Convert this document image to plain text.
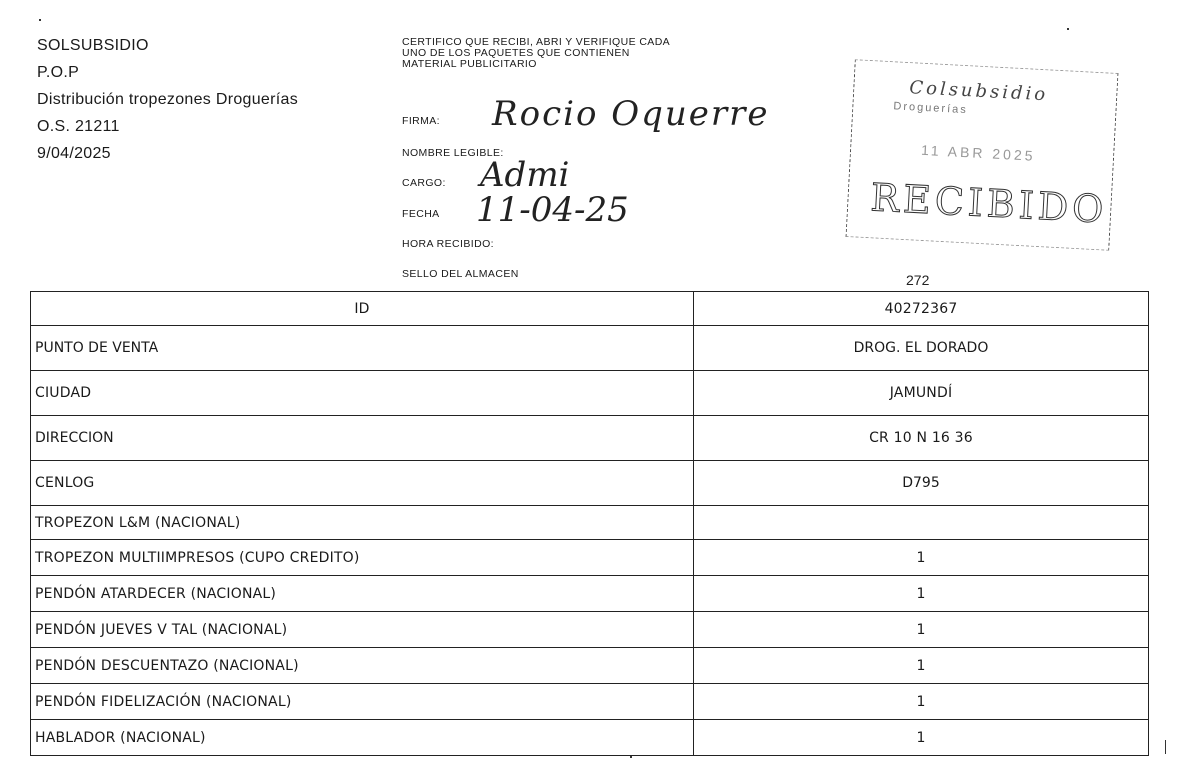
SOLSUBSIDIO
P.O.P
Distribución tropezones Droguerías
O.S. 21211
9/04/2025
CERTIFICO QUE RECIBI, ABRI Y VERIFIQUE CADA UNO DE LOS PAQUETES QUE CONTIENEN MATERIAL PUBLICITARIO
FIRMA: Rocio Oquerre
NOMBRE LEGIBLE:
CARGO: Admi
FECHA 11-04-25
HORA RECIBIDO:
SELLO DEL ALMACEN
Colsubsidio
Droguerías
11 ABR 2025
RECIBIDO
272
ID	40272367
PUNTO DE VENTA	DROG. EL DORADO
CIUDAD	JAMUNDÍ
DIRECCION	CR 10 N 16 36
CENLOG	D795
TROPEZON L&M (NACIONAL)	
TROPEZON MULTIIMPRESOS (CUPO CREDITO)	1
PENDÓN ATARDECER (NACIONAL)	1
PENDÓN JUEVES V TAL (NACIONAL)	1
PENDÓN DESCUENTAZO (NACIONAL)	1
PENDÓN FIDELIZACIÓN (NACIONAL)	1
HABLADOR (NACIONAL)	1
